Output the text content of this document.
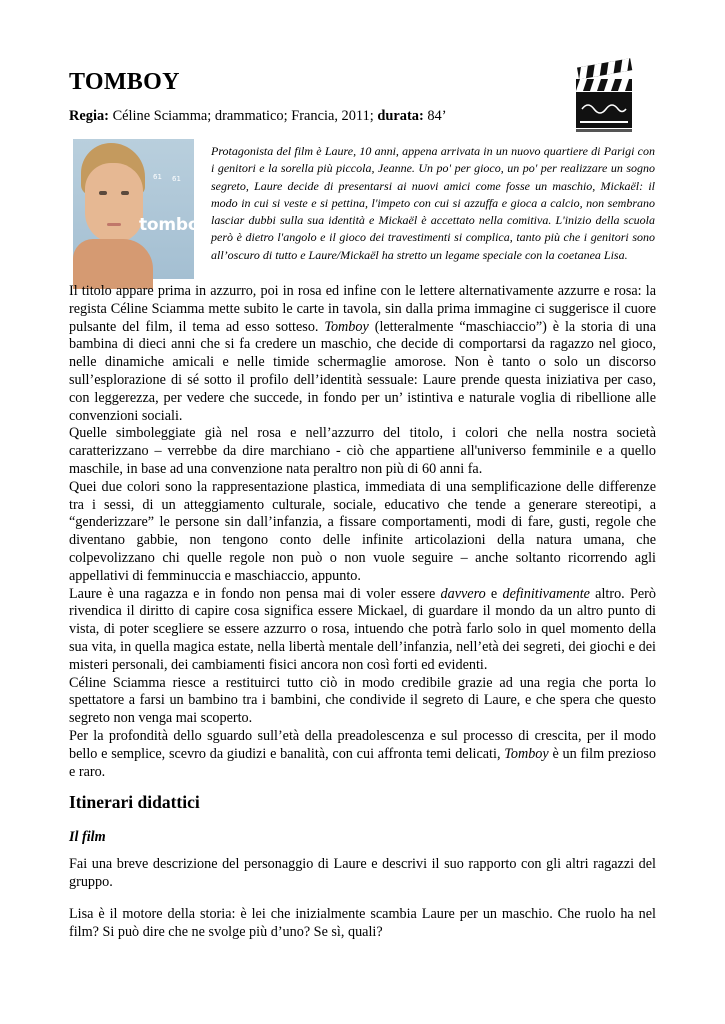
TOMBOY
Regia: Céline Sciamma; drammatico; Francia, 2011; durata: 84’
61 61
tomboy

Protagonista del film è Laure, 10 anni, appena arrivata in un nuovo quartiere di Parigi con i genitori e la sorella più piccola, Jeanne. Un po' per gioco, un po' per realizzare un sogno segreto, Laure decide di presentarsi ai nuovi amici come fosse un maschio, Mickaël: il modo in cui si veste e si pettina, l'impeto con cui si azzuffa e gioca a calcio, non sembrano lasciar dubbi sulla sua identità e Mickaël è accettato nella comitiva. L'inizio della scuola però è dietro l'angolo e il gioco dei travestimenti si complica, tanto più che i genitori sono all’oscuro di tutto e Laure/Mickaël ha stretto un legame speciale con la coetanea Lisa.

Il titolo appare prima in azzurro, poi in rosa ed infine con le lettere alternativamente azzurre e rosa: la regista Céline Sciamma mette subito le carte in tavola, sin dalla prima immagine ci suggerisce il cuore pulsante del film, il tema ad esso sotteso. Tomboy (letteralmente “maschiaccio”) è la storia di una bambina di dieci anni che si fa credere un maschio, che decide di comportarsi da ragazzo nel gioco, nelle dinamiche amicali e nelle timide schermaglie amorose. Non è tanto o solo un discorso sull’esplorazione di sé sotto il profilo dell’identità sessuale: Laure prende questa iniziativa per caso, con leggerezza, per vedere che succede, in fondo per un’ istintiva e naturale voglia di ribellione alle convenzioni sociali.

Quelle simboleggiate già nel rosa e nell’azzurro del titolo, i colori che nella nostra società caratterizzano – verrebbe da dire marchiano - ciò che appartiene all'universo femminile e a quello maschile, in base ad una convenzione nata peraltro non più di 60 anni fa.

Quei due colori sono la rappresentazione plastica, immediata di una semplificazione delle differenze tra i sessi, di un atteggiamento culturale, sociale, educativo che tende a generare stereotipi, a “genderizzare” le persone sin dall’infanzia, a fissare comportamenti, modi di fare, gusti, regole che diventano gabbie, non tengono conto delle infinite articolazioni della natura umana, che colpevolizzano chi quelle regole non può o non vuole seguire – anche soltanto ricorrendo agli appellativi di femminuccia e maschiaccio, appunto.

Laure è una ragazza e in fondo non pensa mai di voler essere davvero e definitivamente altro. Però rivendica il diritto di capire cosa significa essere Mickael, di guardare il mondo da un altro punto di vista, di poter scegliere se essere azzurro o rosa, intuendo che potrà farlo solo in quel momento della sua vita, in quella magica estate, nella libertà mentale dell’infanzia, nell’età dei segreti, dei giochi e dei misteri personali, dei cambiamenti fisici ancora non così forti ed evidenti.

Céline Sciamma riesce a restituirci tutto ciò in modo credibile grazie ad una regia che porta lo spettatore a farsi un bambino tra i bambini, che condivide il segreto di Laure, e che spera che questo segreto non venga mai scoperto.

Per la profondità dello sguardo sull’età della preadolescenza e sul processo di crescita, per il modo bello e semplice, scevro da giudizi e banalità, con cui affronta temi delicati, Tomboy è un film prezioso e raro.

Itinerari didattici
Il film

Fai una breve descrizione del personaggio di Laure e descrivi il suo rapporto con gli altri ragazzi del gruppo.

Lisa è il motore della storia: è lei che inizialmente scambia Laure per un maschio. Che ruolo ha nel film? Si può dire che ne svolge più d’uno? Se sì, quali?
